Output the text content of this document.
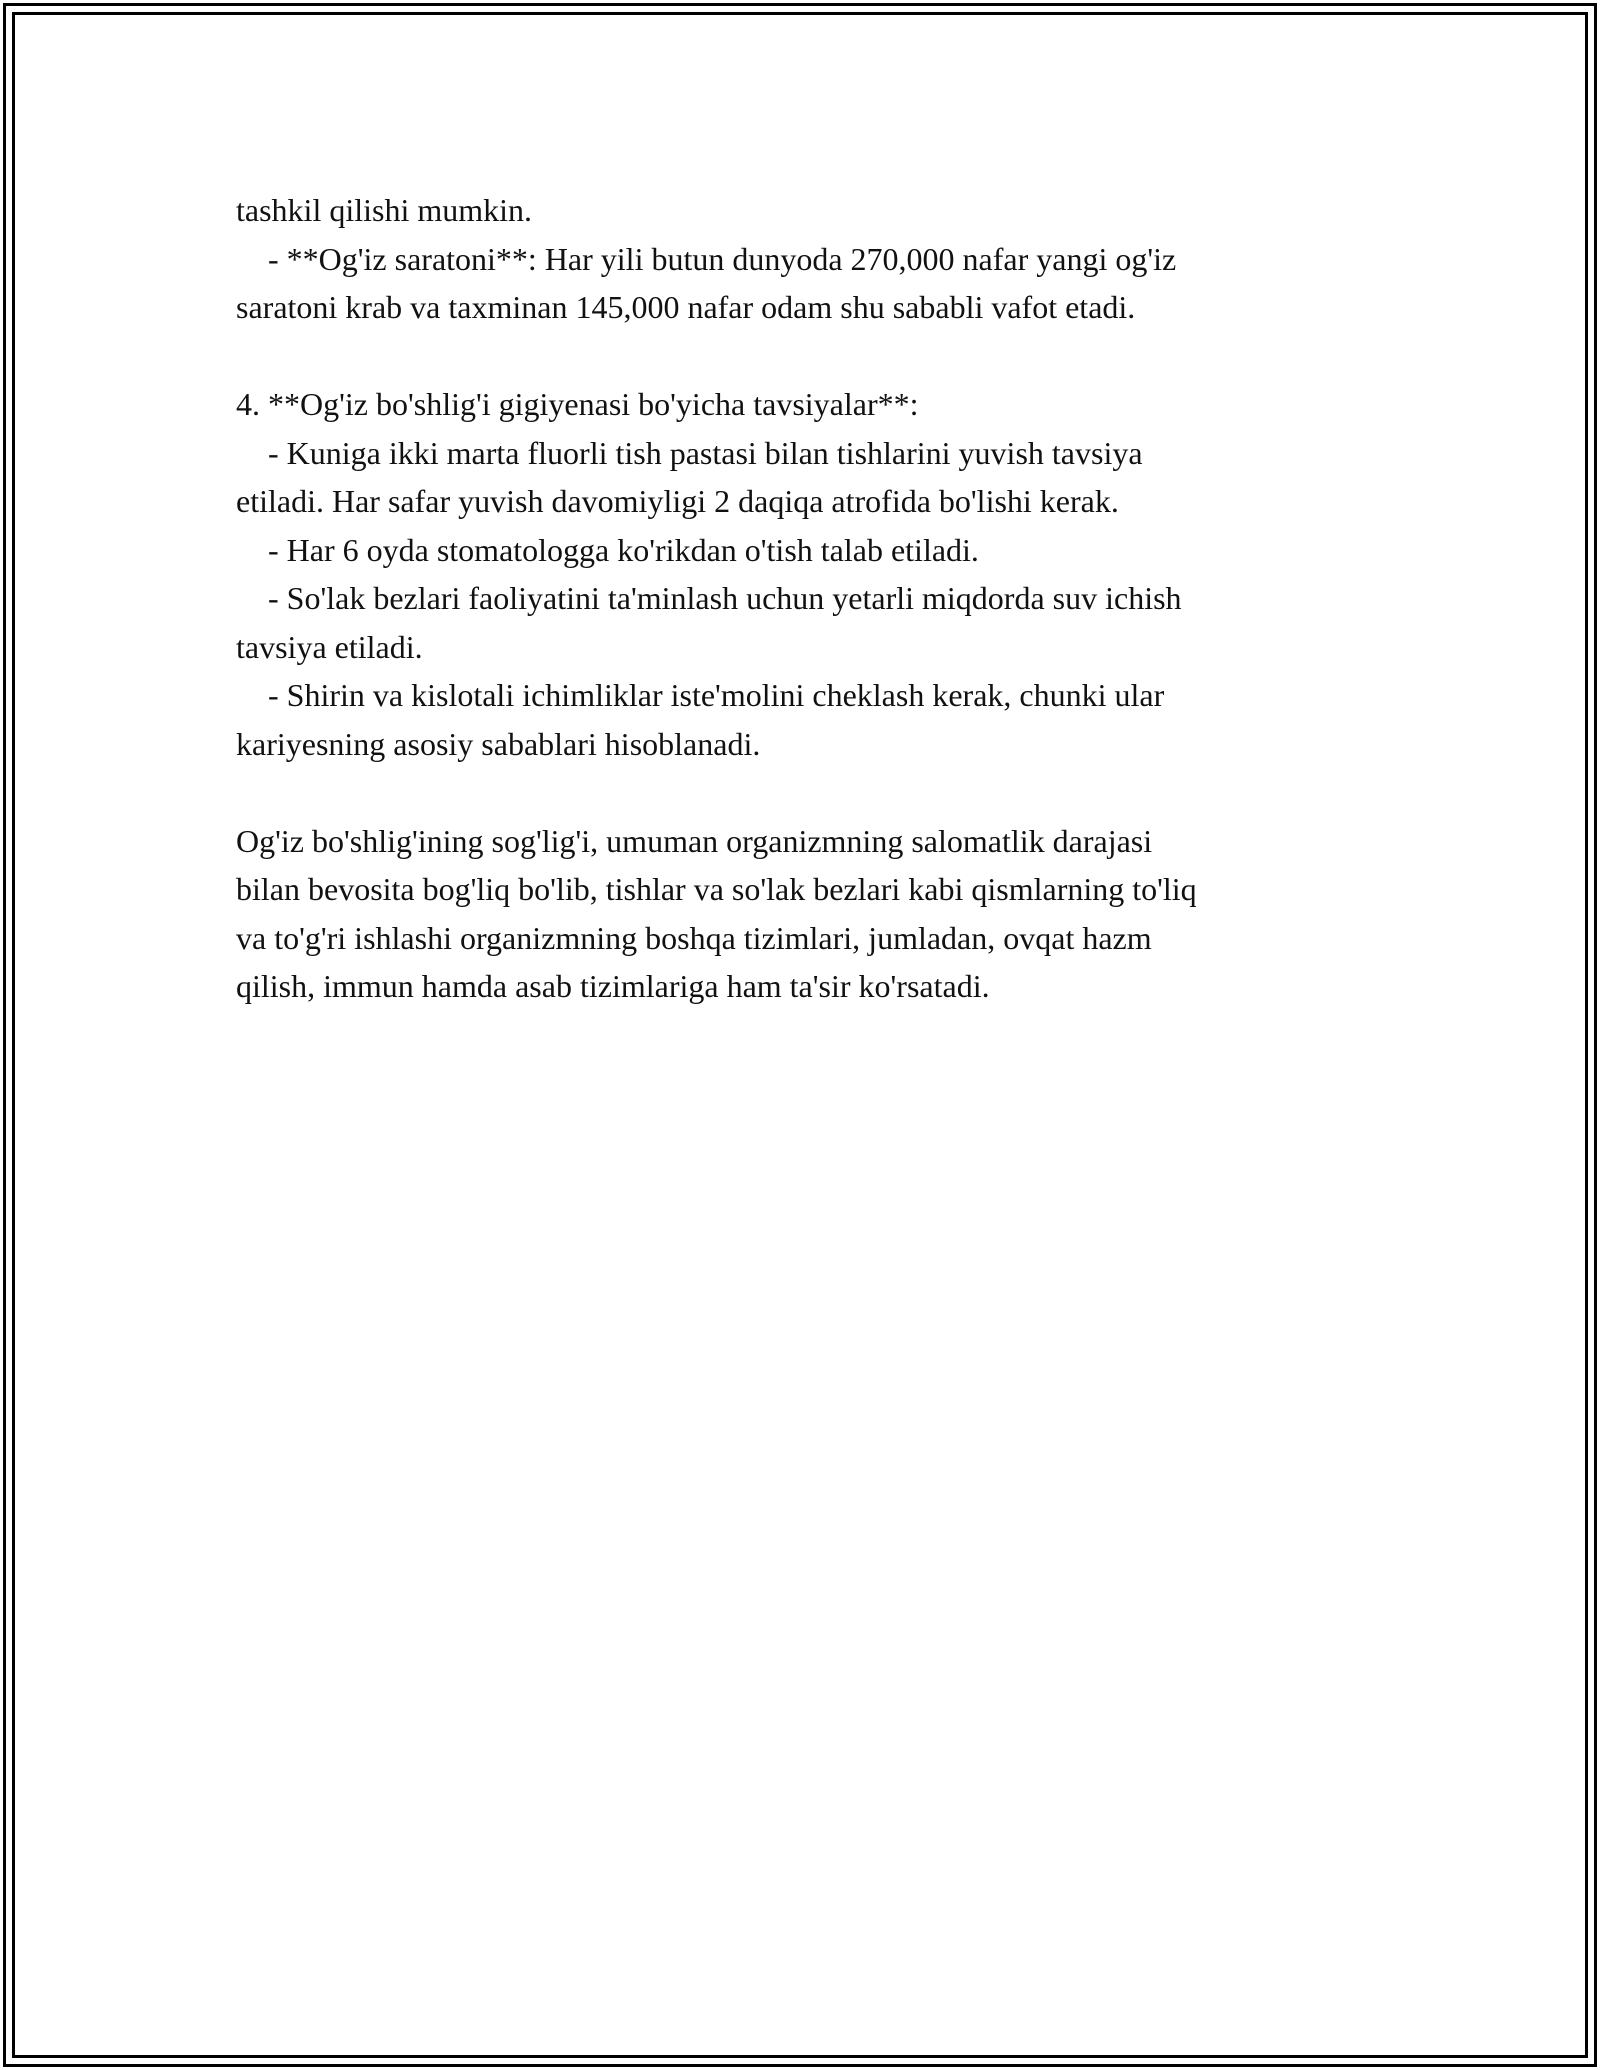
tashkil qilishi mumkin.
- **Og'iz saratoni**: Har yili butun dunyoda 270,000 nafar yangi og'iz
saratoni krab va taxminan 145,000 nafar odam shu sababli vafot etadi.
4. **Og'iz bo'shlig'i gigiyenasi bo'yicha tavsiyalar**:
- Kuniga ikki marta fluorli tish pastasi bilan tishlarini yuvish tavsiya
etiladi. Har safar yuvish davomiyligi 2 daqiqa atrofida bo'lishi kerak.
- Har 6 oyda stomatologga ko'rikdan o'tish talab etiladi.
- So'lak bezlari faoliyatini ta'minlash uchun yetarli miqdorda suv ichish
tavsiya etiladi.
- Shirin va kislotali ichimliklar iste'molini cheklash kerak, chunki ular
kariyesning asosiy sabablari hisoblanadi.
Og'iz bo'shlig'ining sog'lig'i, umuman organizmning salomatlik darajasi
bilan bevosita bog'liq bo'lib, tishlar va so'lak bezlari kabi qismlarning to'liq
va to'g'ri ishlashi organizmning boshqa tizimlari, jumladan, ovqat hazm
qilish, immun hamda asab tizimlariga ham ta'sir ko'rsatadi.
